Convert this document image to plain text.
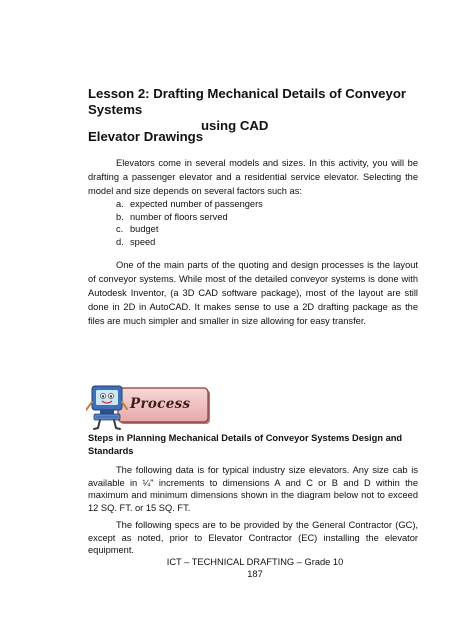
Lesson 2: Drafting Mechanical Details of Conveyor Systems
using CAD
Elevator Drawings

Elevators come in several models and sizes. In this activity, you will be drafting a passenger elevator and a residential service elevator. Selecting the model and size depends on several factors such as:

a. expected number of passengers
b. number of floors served
c. budget
d. speed

One of the main parts of the quoting and design processes is the layout of conveyor systems. While most of the detailed conveyor systems is done with Autodesk Inventor, (a 3D CAD software package), most of the layout are still done in 2D in AutoCAD. It makes sense to use a 2D drafting package as the files are much simpler and smaller in size allowing for easy transfer.

Process
Steps in Planning Mechanical Details of Conveyor Systems Design and Standards

The following data is for typical industry size elevators. Any size cab is available in ¼" increments to dimensions A and C or B and D within the maximum and minimum dimensions shown in the diagram below not to exceed 12 SQ. FT. or 15 SQ. FT.

The following specs are to be provided by the General Contractor (GC), except as noted, prior to Elevator Contractor (EC) installing the elevator equipment.

ICT – TECHNICAL DRAFTING – Grade 10
187
